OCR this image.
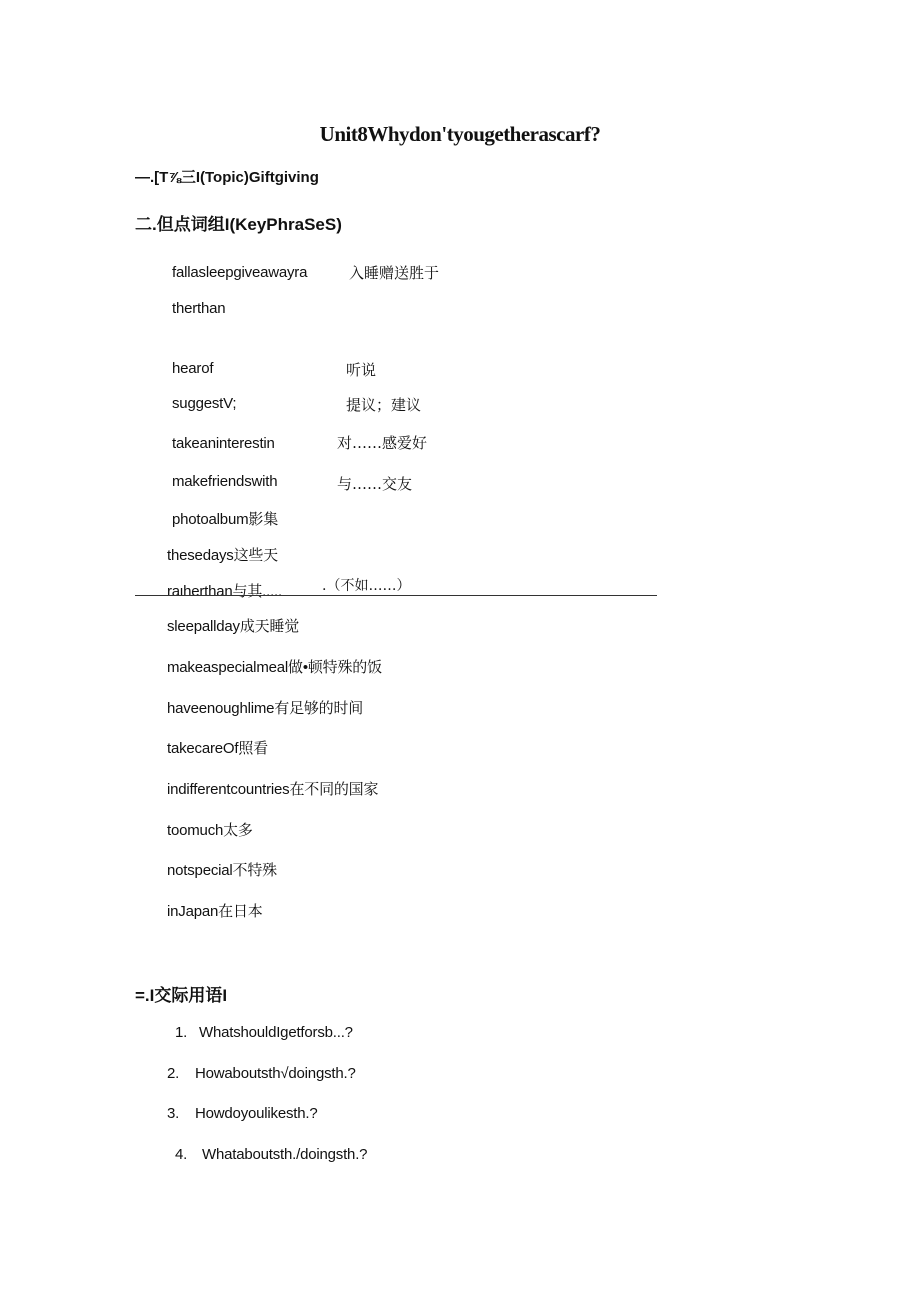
Unit8Whydon'tyougetherascarf?
—.[T⅞三I(Topic)Giftgiving
二.但点词组I(KeyPhraSeS)
fallasleepgiveawayra	入睡赠送胜于
therthan
hearof	听说
suggestV;	提议；建议
takeaninterestin	对……感爱好
makefriendswith	与……交友
photoalbum影集
thesedays这些天
raιherthan与其.....	.（不如……）
sleepallday成天睡觉
makeaspecialmeal做•顿特殊的饭
haveenoughlime有足够的时间
takecareOf照看
indifferentcountries在不同的国家
toomuch太多
notspecial不特殊
inJapan在日本
=.I交际用语I
1. WhatshouldIgetforsb...?
2. Howaboutsth√doingsth.?
3. Howdoyoulikesth.?
4. Whataboutsth./doingsth.?
